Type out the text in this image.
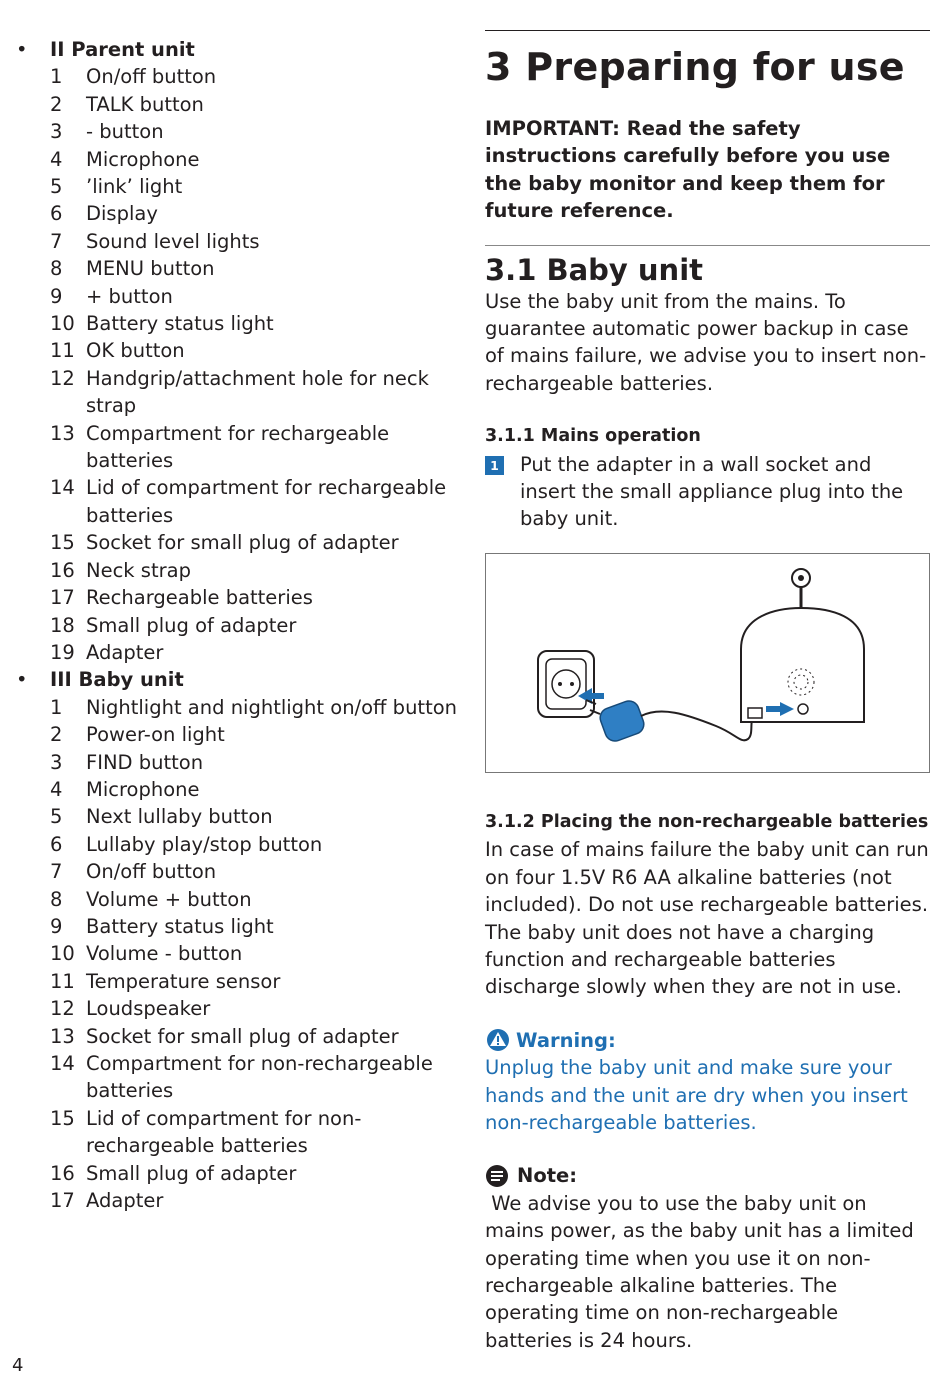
• II Parent unit
1 On/off button
2 TALK button
3 - button
4 Microphone
5 ’link’ light
6 Display
7 Sound level lights
8 MENU button
9 + button
10 Battery status light
11 OK button
12 Handgrip/attachment hole for neck strap
13 Compartment for rechargeable batteries
14 Lid of compartment for rechargeable batteries
15 Socket for small plug of adapter
16 Neck strap
17 Rechargeable batteries
18 Small plug of adapter
19 Adapter
• III Baby unit
1 Nightlight and nightlight on/off button
2 Power-on light
3 FIND button
4 Microphone
5 Next lullaby button
6 Lullaby play/stop button
7 On/off button
8 Volume + button
9 Battery status light
10 Volume - button
11 Temperature sensor
12 Loudspeaker
13 Socket for small plug of adapter
14 Compartment for non-rechargeable batteries
15 Lid of compartment for non-rechargeable batteries
16 Small plug of adapter
17 Adapter
3 Preparing for use
IMPORTANT: Read the safety instructions carefully before you use the baby monitor and keep them for future reference.
3.1 Baby unit
Use the baby unit from the mains. To guarantee automatic power backup in case of mains failure, we advise you to insert non-rechargeable batteries.
3.1.1 Mains operation
1 Put the adapter in a wall socket and insert the small appliance plug into the baby unit.
3.1.2 Placing the non-rechargeable batteries
In case of mains failure the baby unit can run on four 1.5V R6 AA alkaline batteries (not included). Do not use rechargeable batteries. The baby unit does not have a charging function and rechargeable batteries discharge slowly when they are not in use.
Warning:
Unplug the baby unit and make sure your hands and the unit are dry when you insert non-rechargeable batteries.
Note:
We advise you to use the baby unit on mains power, as the baby unit has a limited operating time when you use it on non-rechargeable alkaline batteries. The operating time on non-rechargeable batteries is 24 hours.
4
